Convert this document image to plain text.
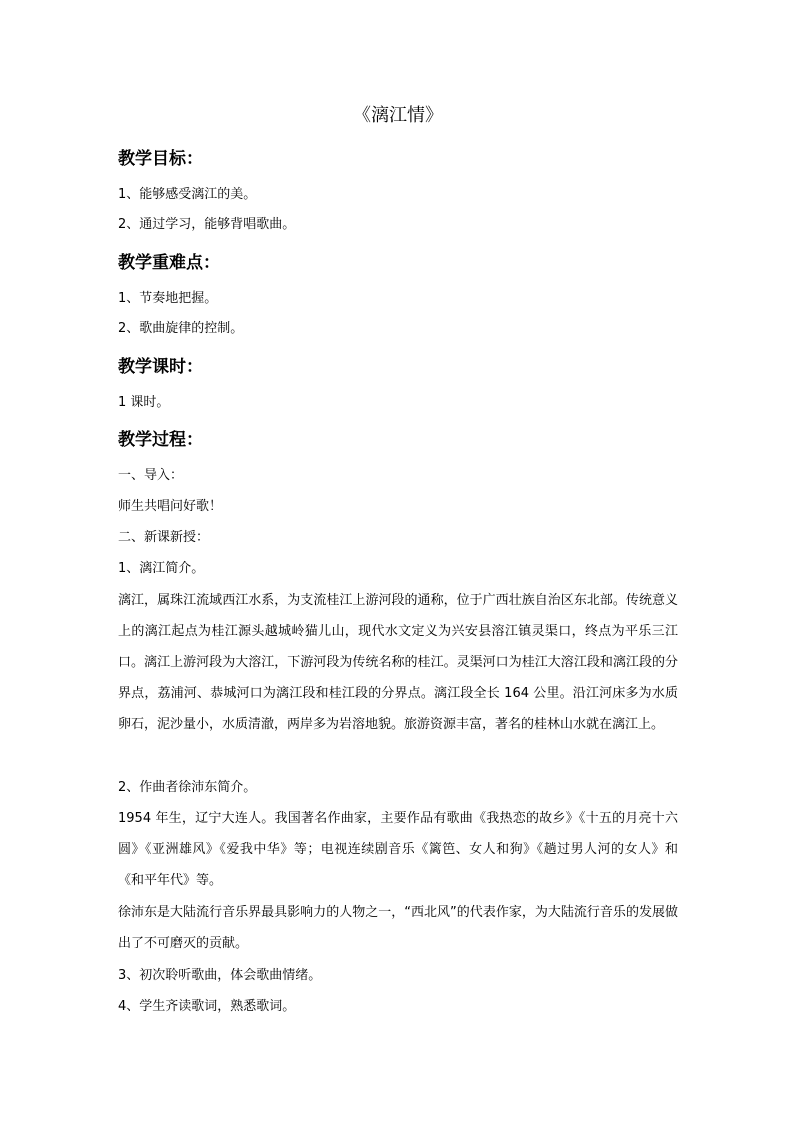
《漓江情》
教学目标：
1、能够感受漓江的美。
2、通过学习，能够背唱歌曲。
教学重难点：
1、节奏地把握。
2、歌曲旋律的控制。
教学课时：
1 课时。
教学过程：
一、导入：
师生共唱问好歌！
二、新课新授：
1、漓江简介。
漓江，属珠江流域西江水系，为支流桂江上游河段的通称，位于广西壮族自治区东北部。传统意义上的漓江起点为桂江源头越城岭猫儿山，现代水文定义为兴安县溶江镇灵渠口，终点为平乐三江口。漓江上游河段为大溶江，下游河段为传统名称的桂江。灵渠河口为桂江大溶江段和漓江段的分界点，荔浦河、恭城河口为漓江段和桂江段的分界点。漓江段全长 164 公里。沿江河床多为水质卵石，泥沙量小，水质清澈，两岸多为岩溶地貌。旅游资源丰富，著名的桂林山水就在漓江上。
2、作曲者徐沛东简介。
1954 年生，辽宁大连人。我国著名作曲家，主要作品有歌曲《我热恋的故乡》《十五的月亮十六圆》《亚洲雄风》《爱我中华》等；电视连续剧音乐《篱笆、女人和狗》《趟过男人河的女人》和《和平年代》等。
徐沛东是大陆流行音乐界最具影响力的人物之一，“西北风”的代表作家，为大陆流行音乐的发展做出了不可磨灭的贡献。
3、初次聆听歌曲，体会歌曲情绪。
4、学生齐读歌词，熟悉歌词。
